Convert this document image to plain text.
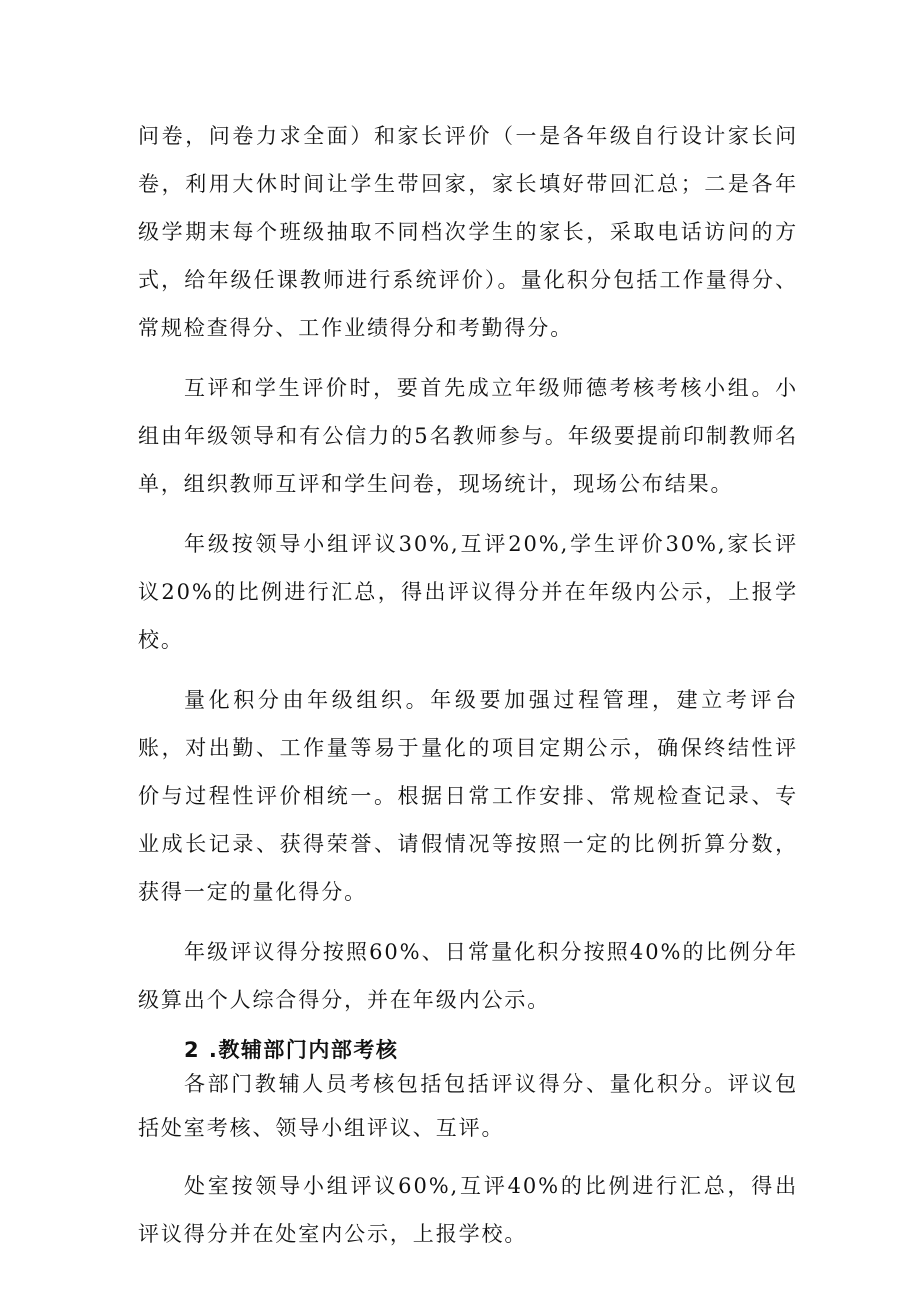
问卷，问卷力求全面）和家长评价（一是各年级自行设计家长问卷，利用大休时间让学生带回家，家长填好带回汇总；二是各年级学期末每个班级抽取不同档次学生的家长，采取电话访问的方式，给年级任课教师进行系统评价）。量化积分包括工作量得分、常规检查得分、工作业绩得分和考勤得分。

互评和学生评价时，要首先成立年级师德考核考核小组。小组由年级领导和有公信力的5名教师参与。年级要提前印制教师名单，组织教师互评和学生问卷，现场统计，现场公布结果。

年级按领导小组评议30%,互评20%,学生评价30%,家长评议20%的比例进行汇总，得出评议得分并在年级内公示，上报学校。

量化积分由年级组织。年级要加强过程管理，建立考评台账，对出勤、工作量等易于量化的项目定期公示，确保终结性评价与过程性评价相统一。根据日常工作安排、常规检查记录、专业成长记录、获得荣誉、请假情况等按照一定的比例折算分数，获得一定的量化得分。

年级评议得分按照60%、日常量化积分按照40%的比例分年级算出个人综合得分，并在年级内公示。

2 .教辅部门内部考核

各部门教辅人员考核包括包括评议得分、量化积分。评议包括处室考核、领导小组评议、互评。

处室按领导小组评议60%,互评40%的比例进行汇总，得出评议得分并在处室内公示，上报学校。
